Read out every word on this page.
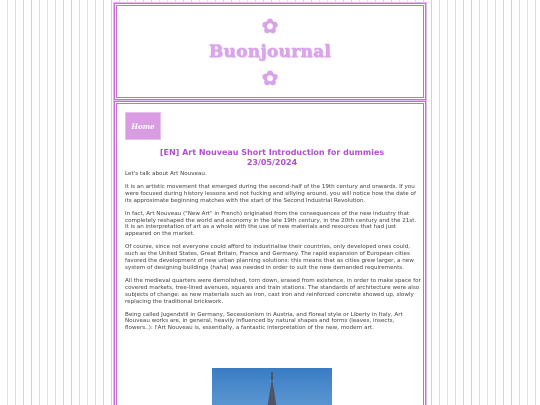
✿
Buonjournal
✿
Home
[EN] Art Nouveau Short Introduction for dummies
23/05/2024

Let's talk about Art Nouveau.

It is an artistic movement that emerged during the second-half of the 19th century and onwards. If you were focused during history lessons and not fucking and sillying around, you will notice how the date of its approximate beginning matches with the start of the Second Industrial Revolution.

In fact, Art Nouveau ("New Art" in French) originated from the consequences of the new industry that completely reshaped the world and economy in the late 19th century, in the 20th century and the 21st. It is an interpretation of art as a whole with the use of new materials and resources that had just appeared on the market.

Of course, since not everyone could afford to industrialise their countries, only developed ones could, such as the United States, Great Britain, France and Germany. The rapid expansion of European cities favored the development of new urban planning solutions: this means that as cities grew larger, a new system of designing buildings (haha) was needed in order to suit the new demanded requirements.

All the medieval quarters were demolished, torn down, erased from existence, in order to make space for covered markets, tree-lined avenues, squares and train stations. The standards of architecture were also subjects of change: as new materials such as iron, cast iron and reinforced concrete showed up, slowly replacing the traditional brickwork.

Being called Jugendstil in Germany, Secessionism in Austria, and floreal style or Liberty in Italy, Art Nouveau works are, in general, heavily influenced by natural shapes and forms (leaves, insects, flowers..): l'Art Nouveau is, essentially, a fantastic interpretation of the new, modern art.
